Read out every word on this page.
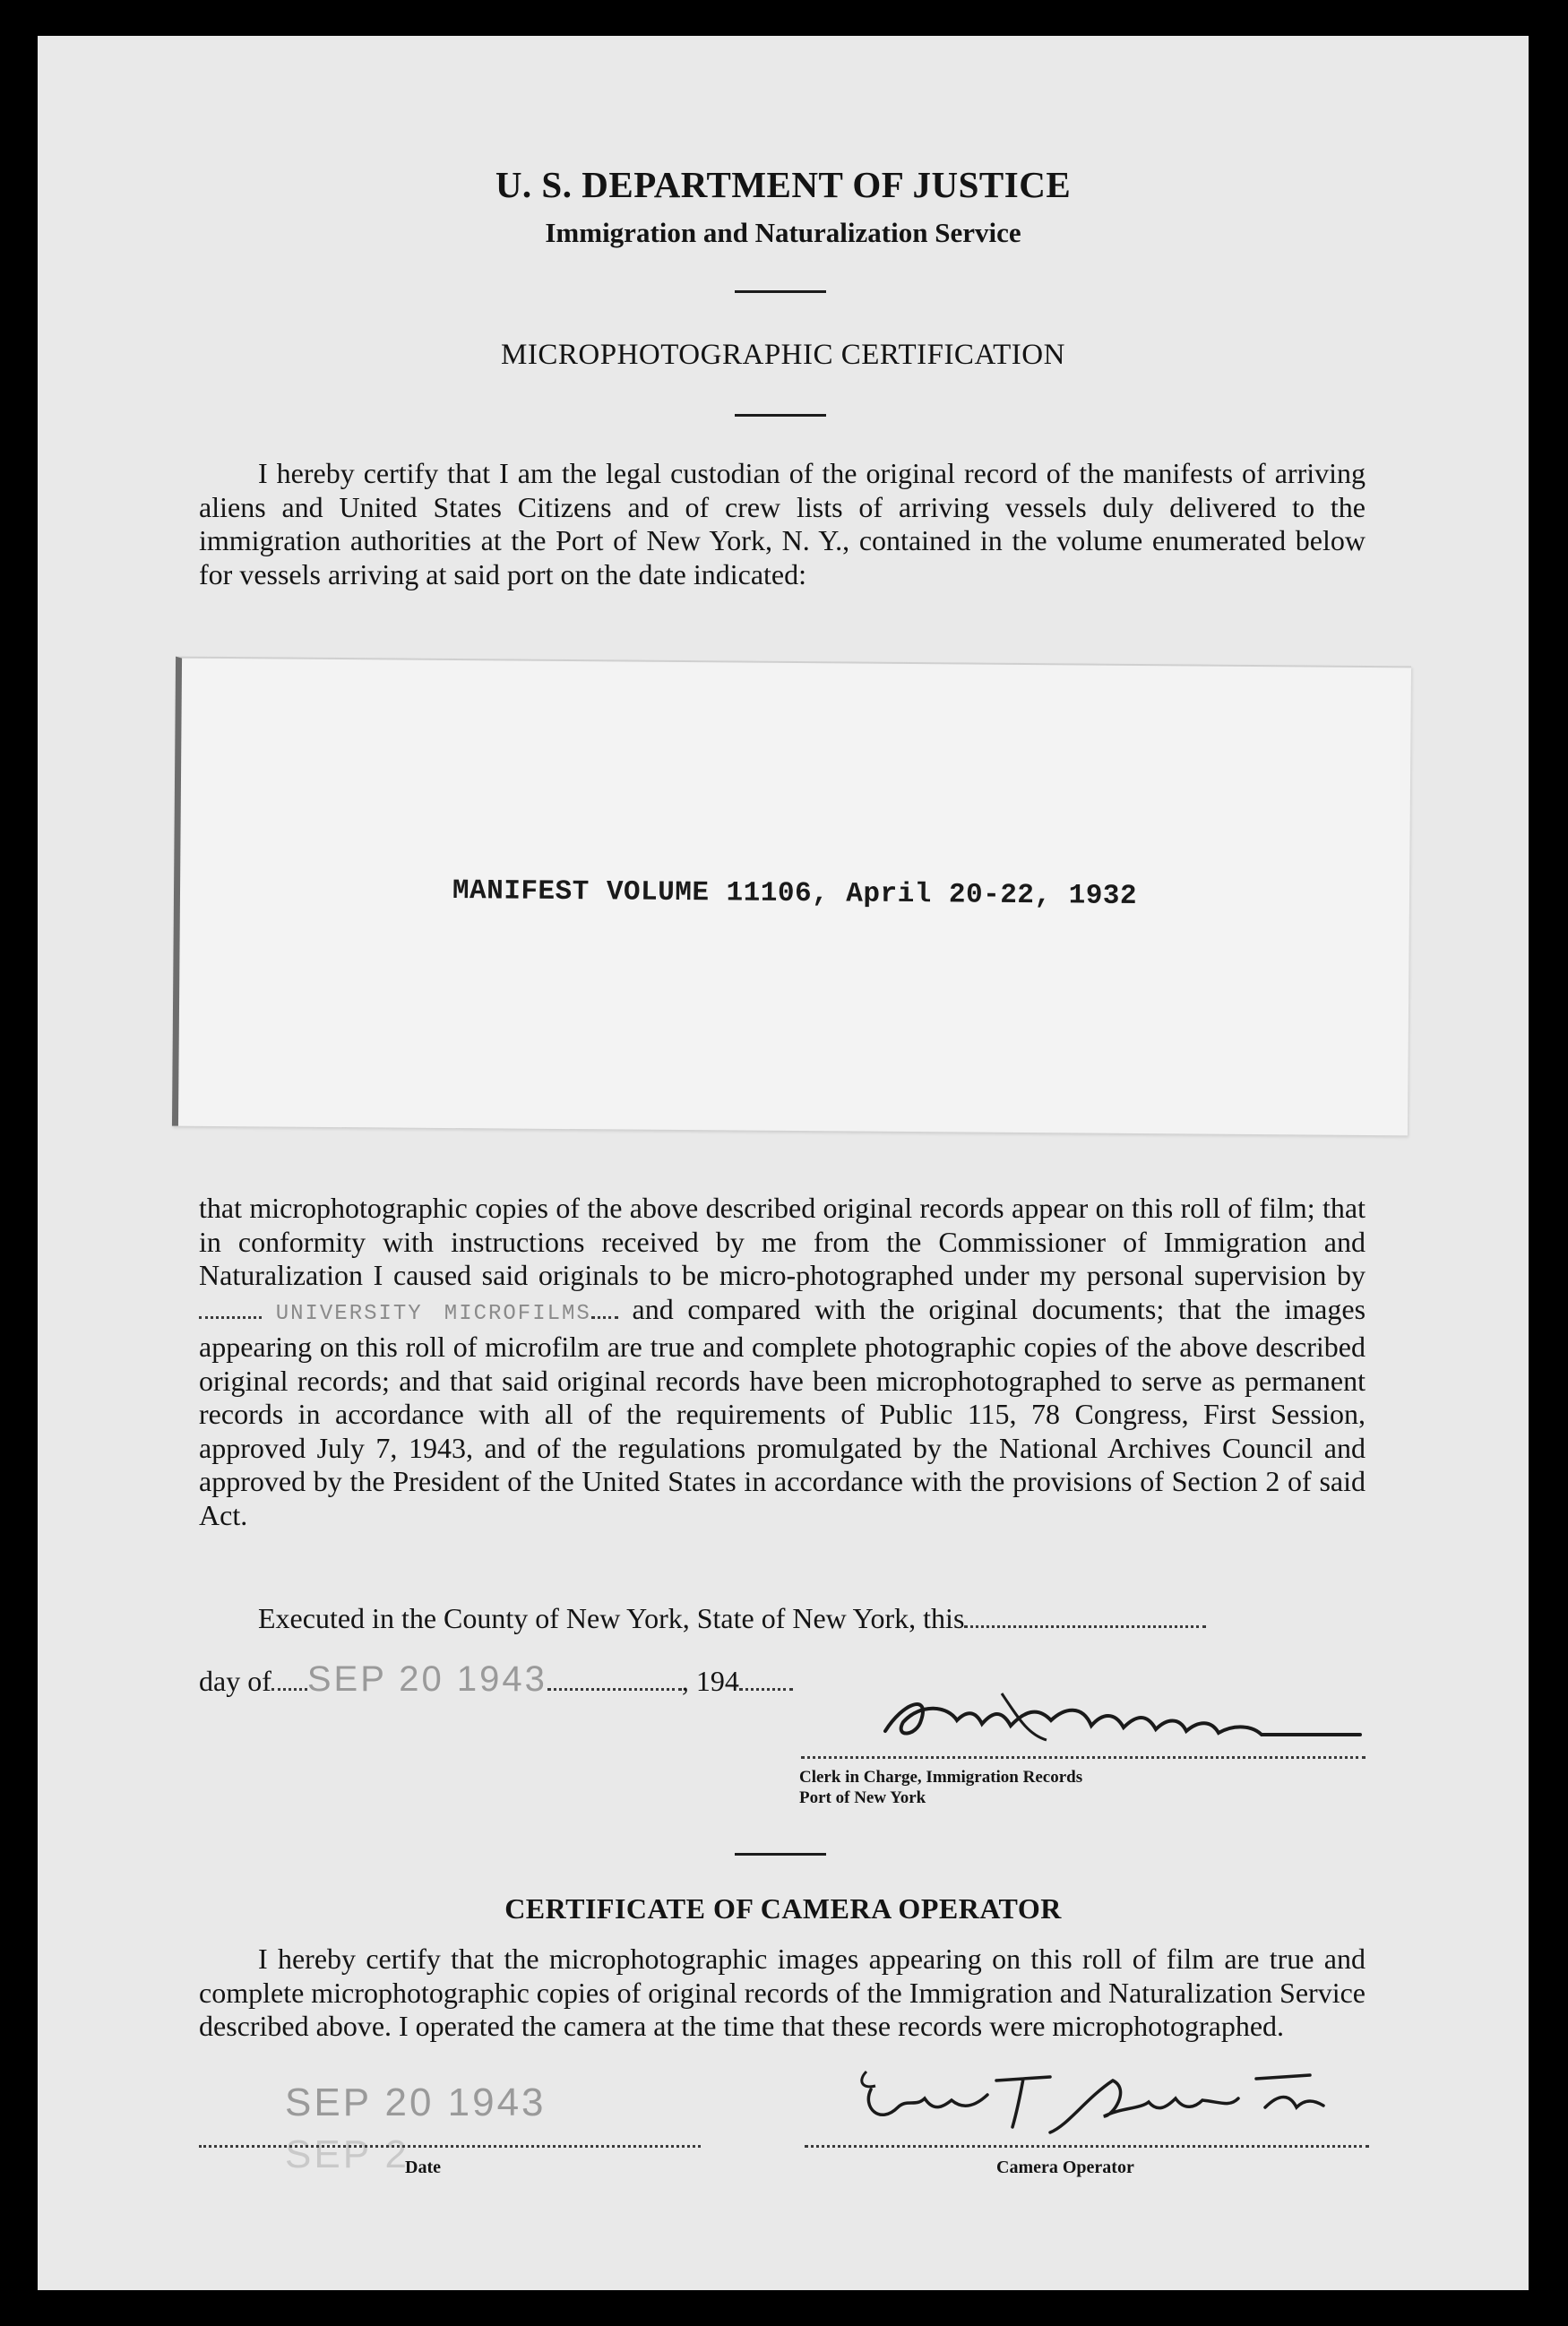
U. S. DEPARTMENT OF JUSTICE
Immigration and Naturalization Service
MICROPHOTOGRAPHIC CERTIFICATION
I hereby certify that I am the legal custodian of the original record of the manifests of arriving aliens and United States Citizens and of crew lists of arriving vessels duly delivered to the immigration authorities at the Port of New York, N. Y., contained in the volume enumerated below for vessels arriving at said port on the date indicated:
MANIFEST VOLUME 11106, April 20-22, 1932
that microphotographic copies of the above described original records appear on this roll of film; that in conformity with instructions received by me from the Commissioner of Immigration and Naturalization I caused said originals to be micro-photographed under my personal supervision by UNIVERSITY MICROFILMS and compared with the original documents; that the images appearing on this roll of microfilm are true and complete photographic copies of the above described original records; and that said original records have been microphotographed to serve as permanent records in accordance with all of the requirements of Public 115, 78 Congress, First Session, approved July 7, 1943, and of the regulations promulgated by the National Archives Council and approved by the President of the United States in accordance with the provisions of Section 2 of said Act.
Executed in the County of New York, State of New York, this
day of SEP 20 1943	, 194
Clerk in Charge, Immigration Records
Port of New York
CERTIFICATE OF CAMERA OPERATOR
I hereby certify that the microphotographic images appearing on this roll of film are true and complete microphotographic copies of original records of the Immigration and Naturalization Service described above. I operated the camera at the time that these records were microphotographed.
SEP 20 1943
SEP 2
Date	Camera Operator
